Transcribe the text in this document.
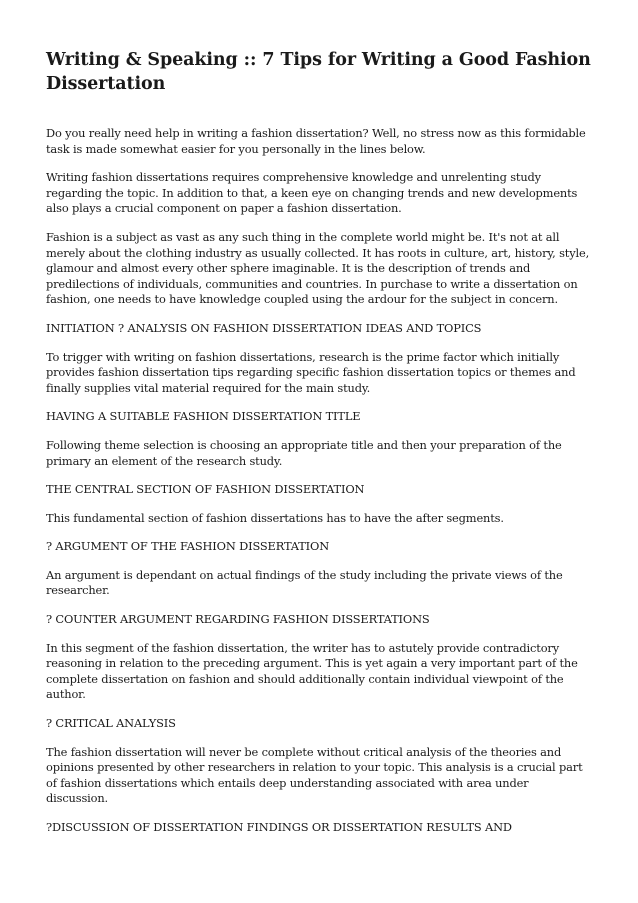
Writing & Speaking :: 7 Tips for Writing a Good Fashion Dissertation

Do you really need help in writing a fashion dissertation? Well, no stress now as this formidable task is made somewhat easier for you personally in the lines below.

Writing fashion dissertations requires comprehensive knowledge and unrelenting study regarding the topic. In addition to that, a keen eye on changing trends and new developments also plays a crucial component on paper a fashion dissertation.

Fashion is a subject as vast as any such thing in the complete world might be. It's not at all merely about the clothing industry as usually collected. It has roots in culture, art, history, style, glamour and almost every other sphere imaginable. It is the description of trends and predilections of individuals, communities and countries. In purchase to write a dissertation on fashion, one needs to have knowledge coupled using the ardour for the subject in concern.

INITIATION ? ANALYSIS ON FASHION DISSERTATION IDEAS AND TOPICS

To trigger with writing on fashion dissertations, research is the prime factor which initially provides fashion dissertation tips regarding specific fashion dissertation topics or themes and finally supplies vital material required for the main study.

HAVING A SUITABLE FASHION DISSERTATION TITLE

Following theme selection is choosing an appropriate title and then your preparation of the primary an element of the research study.

THE CENTRAL SECTION OF FASHION DISSERTATION

This fundamental section of fashion dissertations has to have the after segments.

? ARGUMENT OF THE FASHION DISSERTATION

An argument is dependant on actual findings of the study including the private views of the researcher.

? COUNTER ARGUMENT REGARDING FASHION DISSERTATIONS

In this segment of the fashion dissertation, the writer has to astutely provide contradictory reasoning in relation to the preceding argument. This is yet again a very important part of the complete dissertation on fashion and should additionally contain individual viewpoint of the author.

? CRITICAL ANALYSIS

The fashion dissertation will never be complete without critical analysis of the theories and opinions presented by other researchers in relation to your topic. This analysis is a crucial part of fashion dissertations which entails deep understanding associated with area under discussion.

?DISCUSSION OF DISSERTATION FINDINGS OR DISSERTATION RESULTS AND
